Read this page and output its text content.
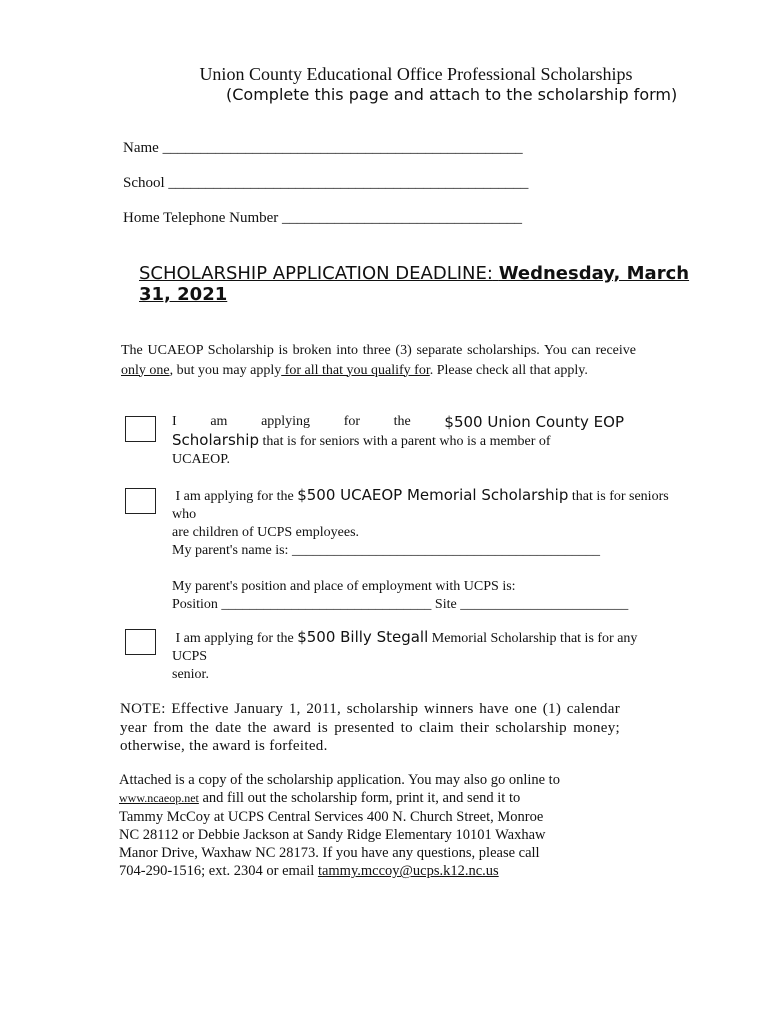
Union County Educational Office Professional Scholarships
(Complete this page and attach to the scholarship form)
Name ________________________________________________
School ________________________________________________
Home Telephone Number ________________________________
SCHOLARSHIP APPLICATION DEADLINE: Wednesday, March 31, 2021
The UCAEOP Scholarship is broken into three (3) separate scholarships. You can receive only one, but you may apply for all that you qualify for. Please check all that apply.
I am applying for the $500 Union County EOP
Scholarship that is for seniors with a parent who is a member of
UCAEOP.
I am applying for the $500 UCAEOP Memorial Scholarship that is for seniors
who
are children of UCPS employees.
My parent's name is: ____________________________________________
My parent's position and place of employment with UCPS is:
Position ______________________________ Site ________________________
I am applying for the $500 Billy Stegall Memorial Scholarship that is for any
UCPS
senior.
NOTE: Effective January 1, 2011, scholarship winners have one (1) calendar year from the date the award is presented to claim their scholarship money; otherwise, the award is forfeited.
Attached is a copy of the scholarship application. You may also go online to
www.ncaeop.net and fill out the scholarship form, print it, and send it to
Tammy McCoy at UCPS Central Services 400 N. Church Street, Monroe
NC 28112 or Debbie Jackson at Sandy Ridge Elementary 10101 Waxhaw
Manor Drive, Waxhaw NC 28173. If you have any questions, please call
704-290-1516; ext. 2304 or email tammy.mccoy@ucps.k12.nc.us
